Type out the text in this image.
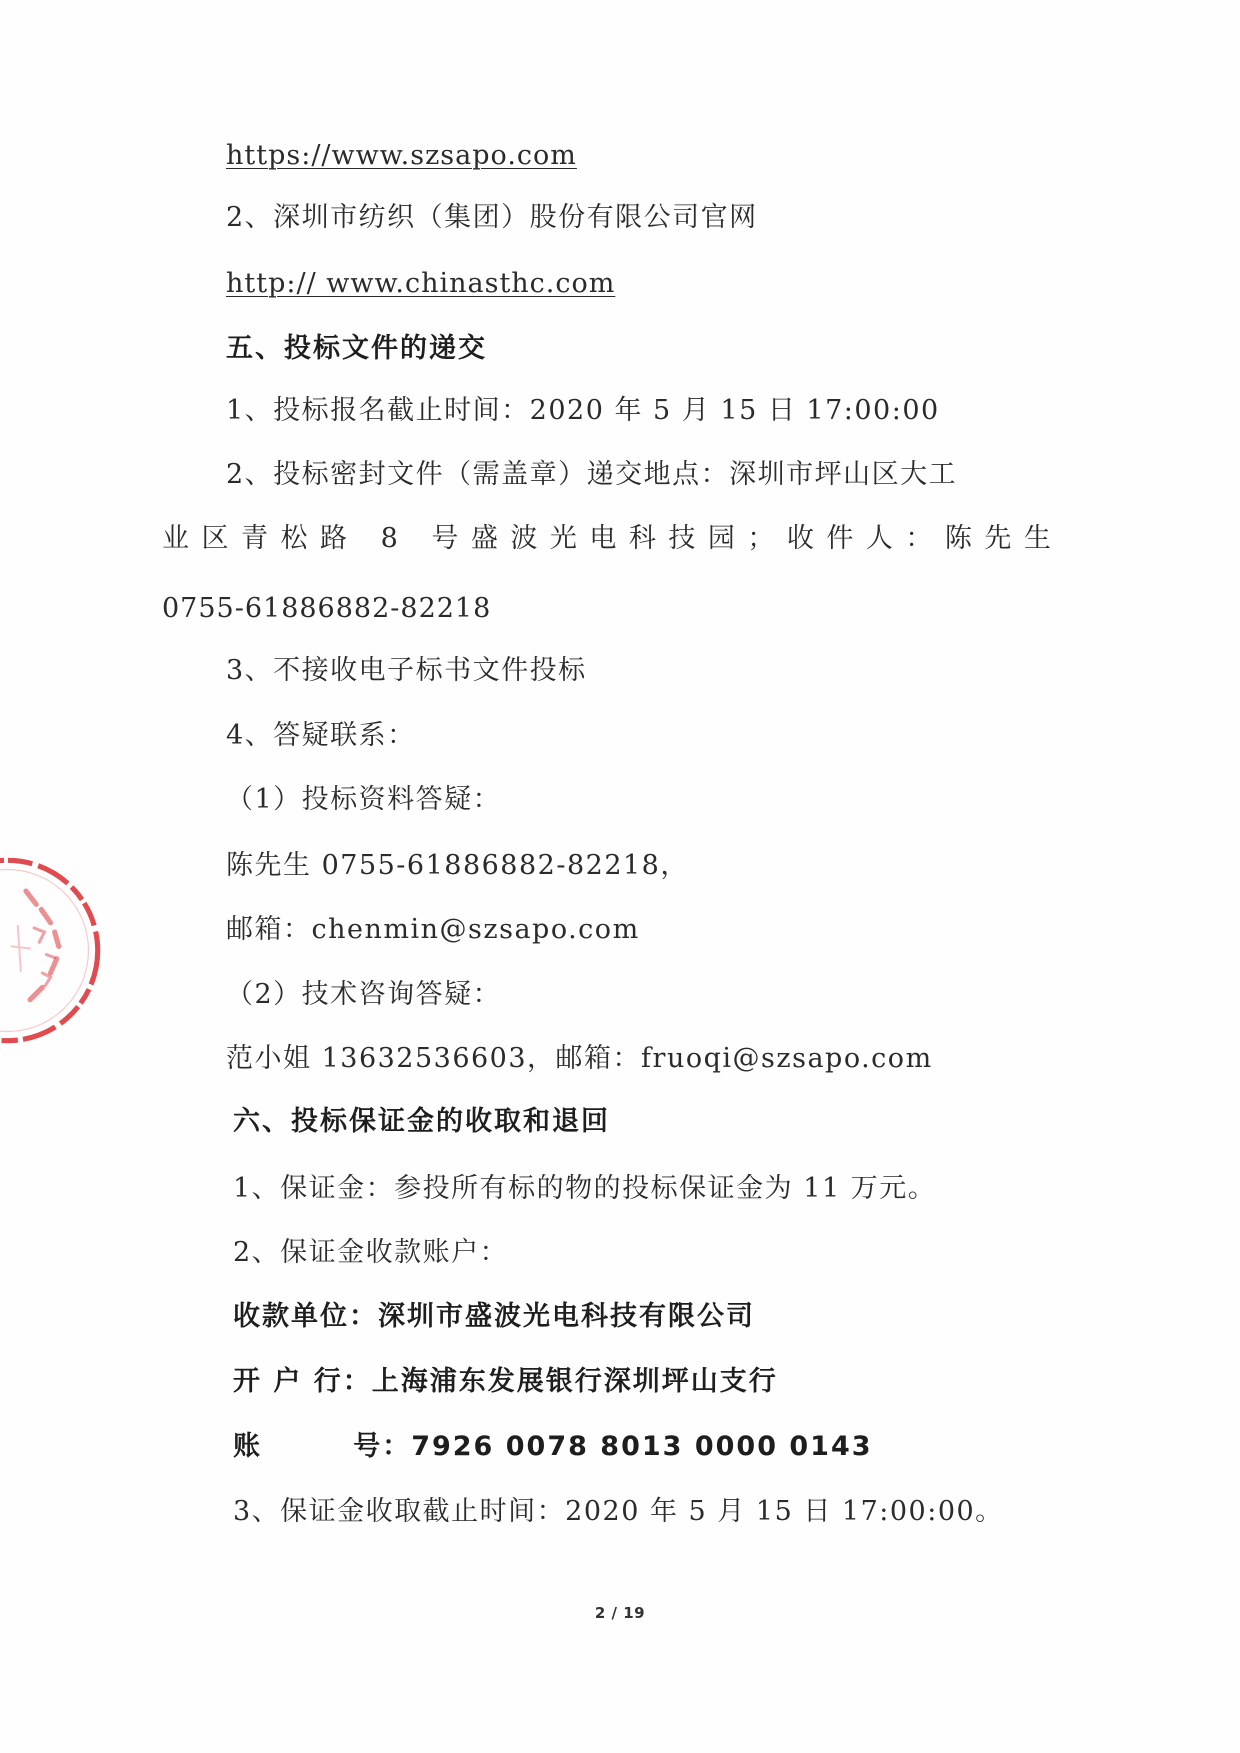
https://www.szsapo.com
2、深圳市纺织（集团）股份有限公司官网
http:// www.chinasthc.com
五、投标文件的递交
1、投标报名截止时间：2020 年 5 月 15 日 17:00:00
2、投标密封文件（需盖章）递交地点：深圳市坪山区大工
业区青松路 8 号盛波光电科技园；收件人：陈先生
0755-61886882-82218
3、不接收电子标书文件投标
4、答疑联系：
（1）投标资料答疑：
陈先生 0755-61886882-82218，
邮箱：chenmin@szsapo.com
（2）技术咨询答疑：
范小姐 13632536603，邮箱：fruoqi@szsapo.com
六、投标保证金的收取和退回
1、保证金：参投所有标的物的投标保证金为 11 万元。
2、保证金收款账户：
收款单位：深圳市盛波光电科技有限公司
开 户 行：上海浦东发展银行深圳坪山支行
账        号：7926 0078 8013 0000 0143
3、保证金收取截止时间：2020 年 5 月 15 日 17:00:00。
2 / 19
